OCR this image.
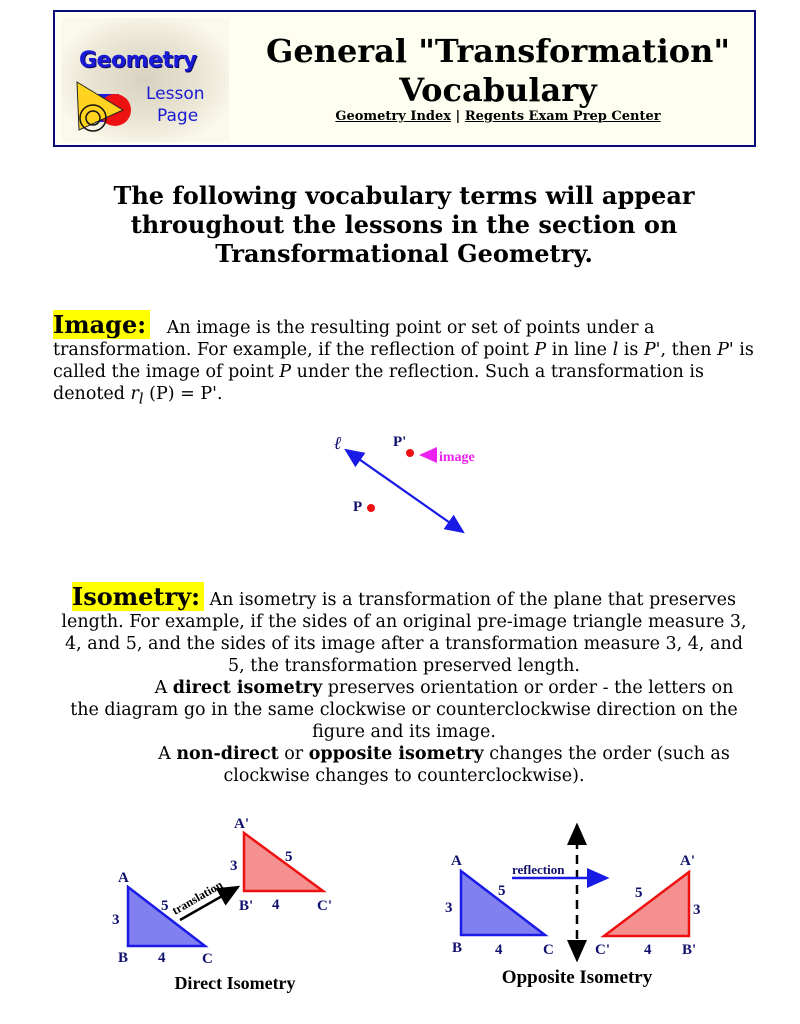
Geometry
Lesson
Page
General "Transformation" Vocabulary
Geometry Index | Regents Exam Prep Center
The following vocabulary terms will appear throughout the lessons in the section on Transformational Geometry.
Image: An image is the resulting point or set of points under a transformation. For example, if the reflection of point P in line l is P', then P' is called the image of point P under the reflection. Such a transformation is denoted $r_l$ (P) = P'.
ℓ	P'
image
P
Isometry: An isometry is a transformation of the plane that preserves length. For example, if the sides of an original pre-image triangle measure 3, 4, and 5, and the sides of its image after a transformation measure 3, 4, and 5, the transformation preserved length.
A direct isometry preserves orientation or order - the letters on the diagram go in the same clockwise or counterclockwise direction on the figure and its image.
A non-direct or opposite isometry changes the order (such as clockwise changes to counterclockwise).
A
B	C
3
4
5 translation
A'
B'	C'
3
4
5
Direct Isometry
reflection
A
B	C
3
4
5
A'
B'
C'
3
4
5
Opposite Isometry
